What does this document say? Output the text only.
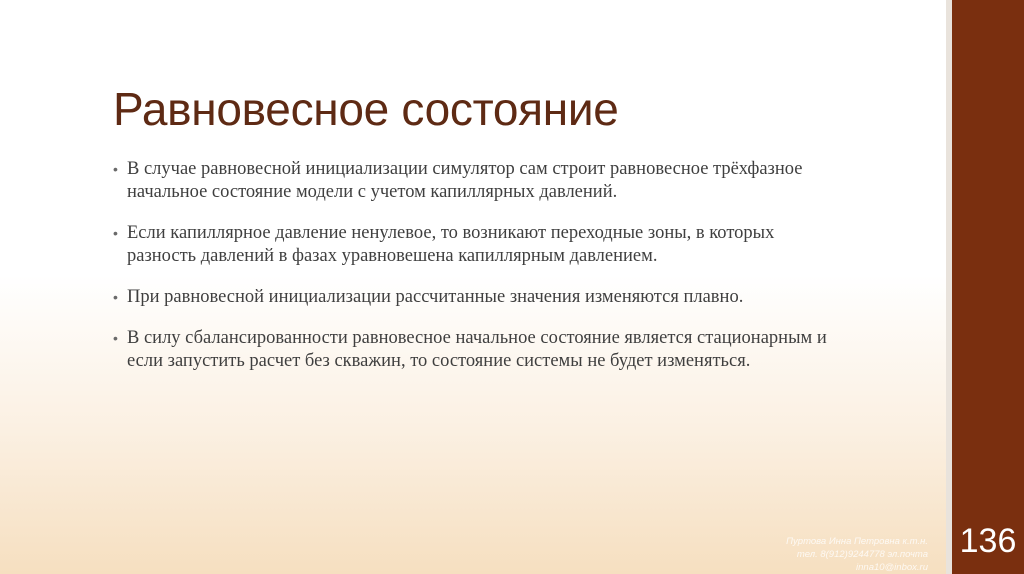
Равновесное состояние
• В случае равновесной инициализации симулятор сам строит равновесное трёхфазное начальное состояние модели с учетом капиллярных давлений.
• Если капиллярное давление ненулевое, то возникают переходные зоны, в которых разность давлений в фазах уравновешена капиллярным давлением.
• При равновесной инициализации рассчитанные значения изменяются плавно.
• В силу сбалансированности равновесное начальное состояние является стационарным и если запустить расчет без скважин, то состояние системы не будет изменяться.
Пуртова Инна Петровна к.т.н.
тел. 8(912)9244778 эл.почта
inna10@inbox.ru
136
